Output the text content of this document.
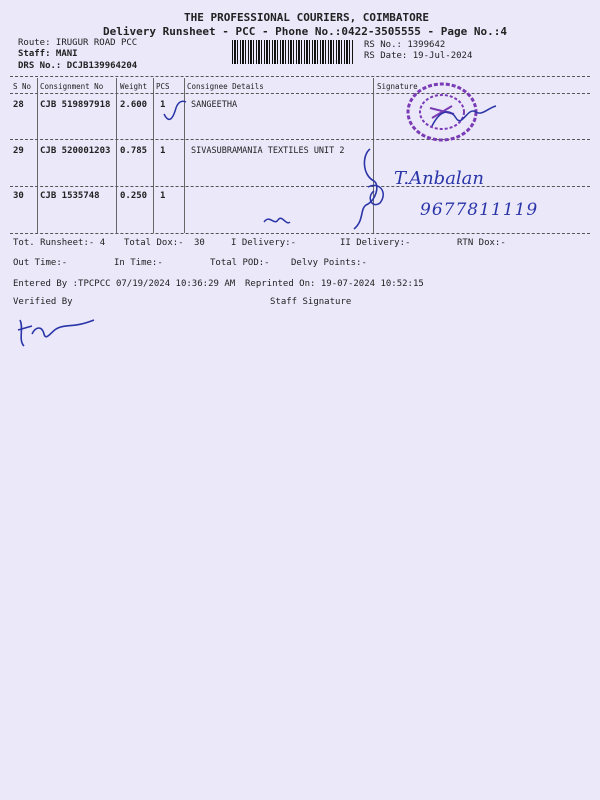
THE PROFESSIONAL COURIERS, COIMBATORE
Delivery Runsheet - PCC - Phone No.:0422-3505555 - Page No.:4
Route: IRUGUR ROAD PCC
Staff: MANI
DRS No.: DCJB139964204
RS No.: 1399642
RS Date: 19-Jul-2024
S No Consignment No Weight PCS Consignee Details	Signature
28 CJB 519897918 2.600 1	SANGEETHA
29 CJB 520001203 0.785 1	SIVASUBRAMANIA TEXTILES UNIT 2
30 CJB 1535748 0.250 1
Tot. Runsheet:- 4 Total Dox:- 30	I Delivery:-	II Delivery:-	RTN Dox:-
Out Time:-	In Time:-	Total POD:- Delvy Points:-
Entered By :TPCPCC 07/19/2024 10:36:29 AM Reprinted On: 19-07-2024 10:52:15
Verified By	Staff Signature
T.Anbalan
9677811119
